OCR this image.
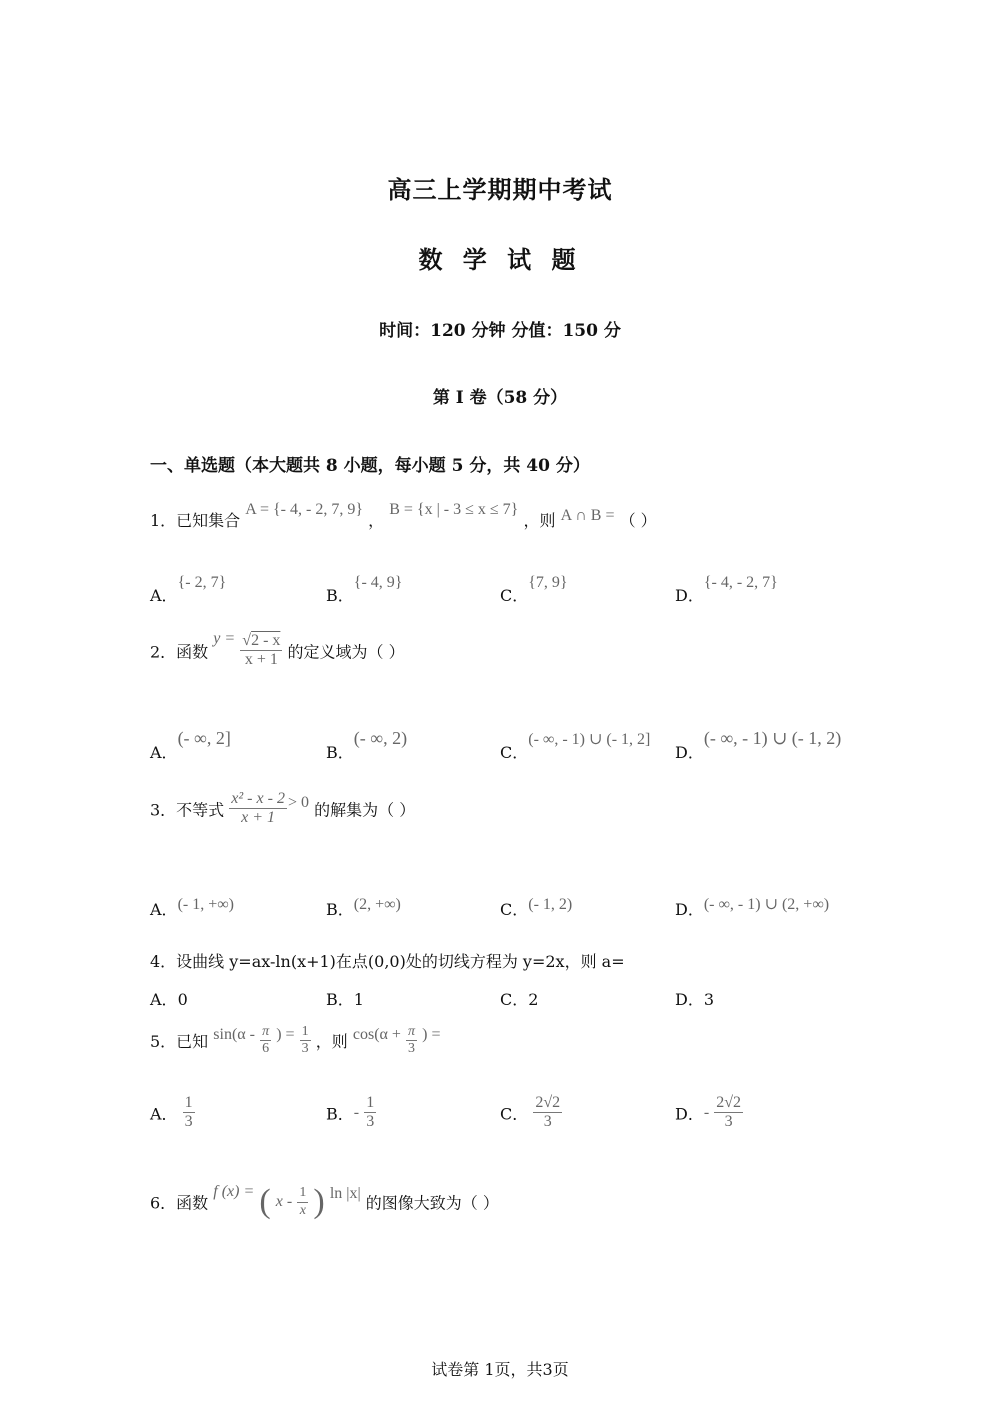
高三上学期期中考试
数 学 试 题
时间：120 分钟 分值：150 分
第 I 卷（58 分）
一、单选题（本大题共 8 小题，每小题 5 分，共 40 分）
1．已知集合 A = {- 4, - 2, 7, 9} ， B = {x | - 3 ≤ x ≤ 7} ，则 A ∩ B = （ ）
A．{- 2, 7}
B．{- 4, 9}
C．{7, 9}
D．{- 4, - 2, 7}
2．函数 $y = \frac{√2 - x}{x + 1}$ 的定义域为（ ）
A．(- ∞, 2]
B．(- ∞, 2)
C．(- ∞, - 1) ∪ (- 1, 2]
D．(- ∞, - 1) ∪ (- 1, 2)
3．不等式 $\frac{\text{x² - x - 2}}{x + 1} > 0$ 的解集为（ ）
A．(- 1, +∞)	B．(2, +∞)	C．(- 1, 2)	D．(- ∞, - 1) ∪ (2, +∞)
4．设曲线 y=ax-ln(x+1)在点(0,0)处的切线方程为 y=2x，则 a=
A．0	B．1	C．2	D．3
5．已知 $\sin(\alpha - \frac{\pi}{6}$ ) = $\frac{1}{3}$ ，则 $\cos(\alpha + \frac{\pi}{3}$ ) =
A． $\frac{1}{3}$	B．- $\frac{1}{3}$	C． $\frac{2√2}{3}$	D．- $\frac{2√2}{3}$
6．函数 f (x) = ( x - $\frac{1}{x}$ ) ln |x| 的图像大致为（ ）
试卷第 1页，共3页
